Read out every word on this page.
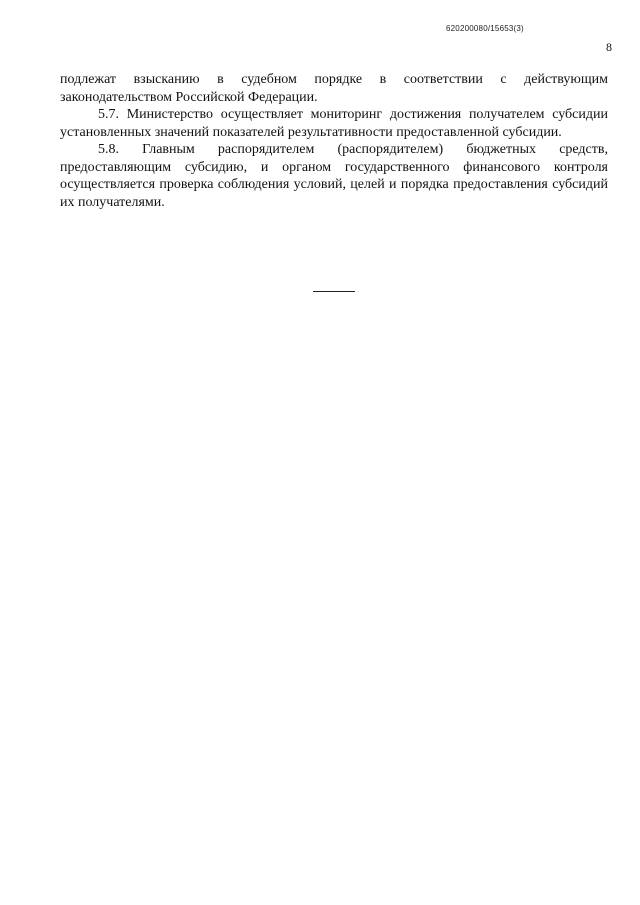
620200080/15653(3)
8

подлежат взысканию в судебном порядке в соответствии с действующим законодательством Российской Федерации.

5.7. Министерство осуществляет мониторинг достижения получателем субсидии установленных значений показателей результативности предоставленной субсидии.

5.8. Главным распорядителем (распорядителем) бюджетных средств, предоставляющим субсидию, и органом государственного финансового контроля осуществляется проверка соблюдения условий, целей и порядка предоставления субсидий их получателями.
